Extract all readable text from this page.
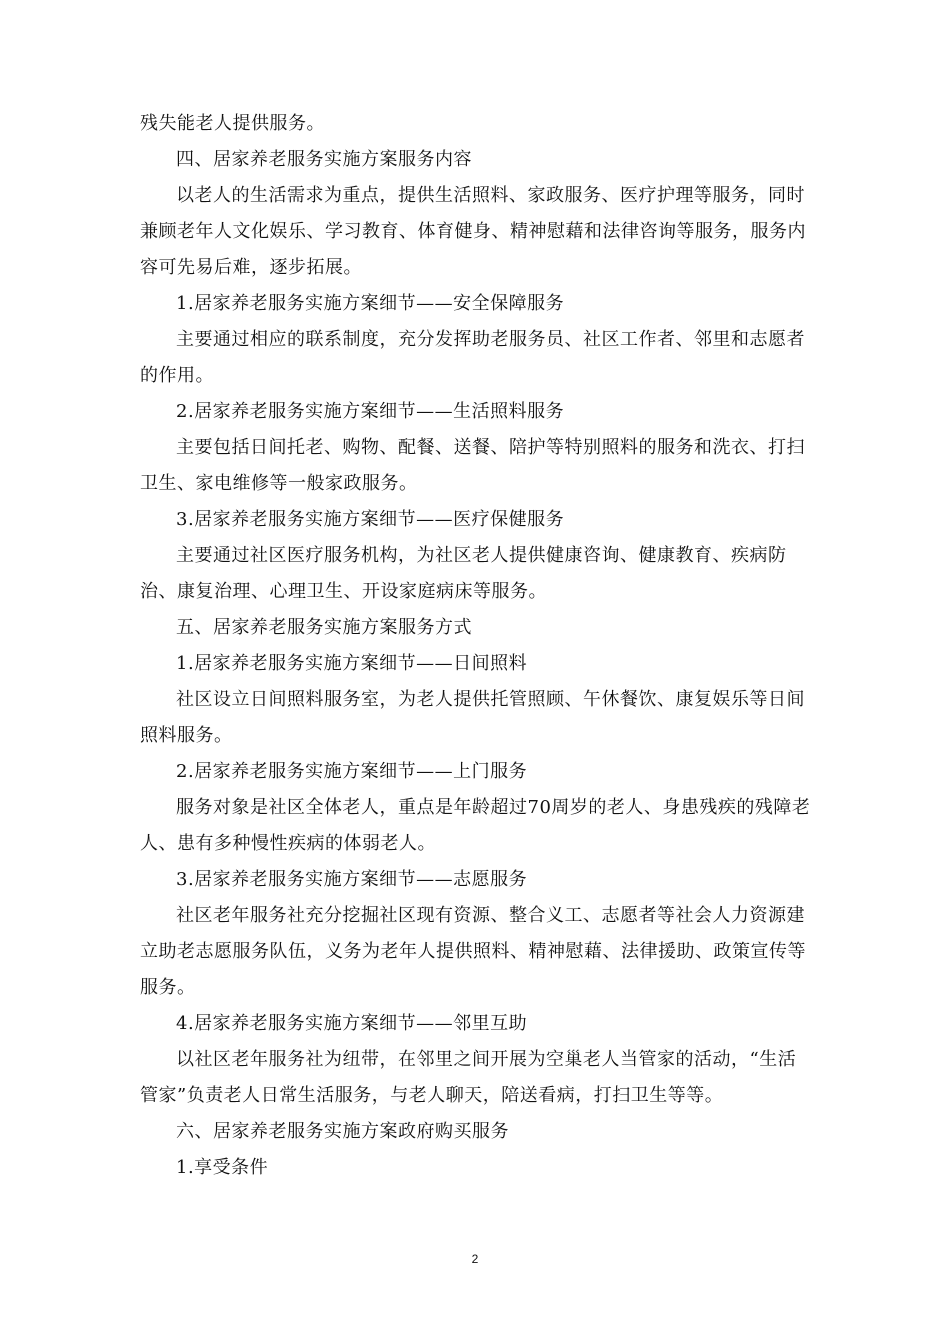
残失能老人提供服务。

四、居家养老服务实施方案服务内容

以老人的生活需求为重点，提供生活照料、家政服务、医疗护理等服务，同时兼顾老年人文化娱乐、学习教育、体育健身、精神慰藉和法律咨询等服务，服务内容可先易后难，逐步拓展。

1.居家养老服务实施方案细节——安全保障服务

主要通过相应的联系制度，充分发挥助老服务员、社区工作者、邻里和志愿者的作用。

2.居家养老服务实施方案细节——生活照料服务

主要包括日间托老、购物、配餐、送餐、陪护等特别照料的服务和洗衣、打扫卫生、家电维修等一般家政服务。

3.居家养老服务实施方案细节——医疗保健服务

主要通过社区医疗服务机构，为社区老人提供健康咨询、健康教育、疾病防治、康复治理、心理卫生、开设家庭病床等服务。

五、居家养老服务实施方案服务方式

1.居家养老服务实施方案细节——日间照料

社区设立日间照料服务室，为老人提供托管照顾、午休餐饮、康复娱乐等日间照料服务。

2.居家养老服务实施方案细节——上门服务

服务对象是社区全体老人，重点是年龄超过70周岁的老人、身患残疾的残障老人、患有多种慢性疾病的体弱老人。

3.居家养老服务实施方案细节——志愿服务

社区老年服务社充分挖掘社区现有资源、整合义工、志愿者等社会人力资源建立助老志愿服务队伍，义务为老年人提供照料、精神慰藉、法律援助、政策宣传等服务。

4.居家养老服务实施方案细节——邻里互助

以社区老年服务社为纽带，在邻里之间开展为空巢老人当管家的活动，“生活管家”负责老人日常生活服务，与老人聊天，陪送看病，打扫卫生等等。

六、居家养老服务实施方案政府购买服务

1.享受条件

2
